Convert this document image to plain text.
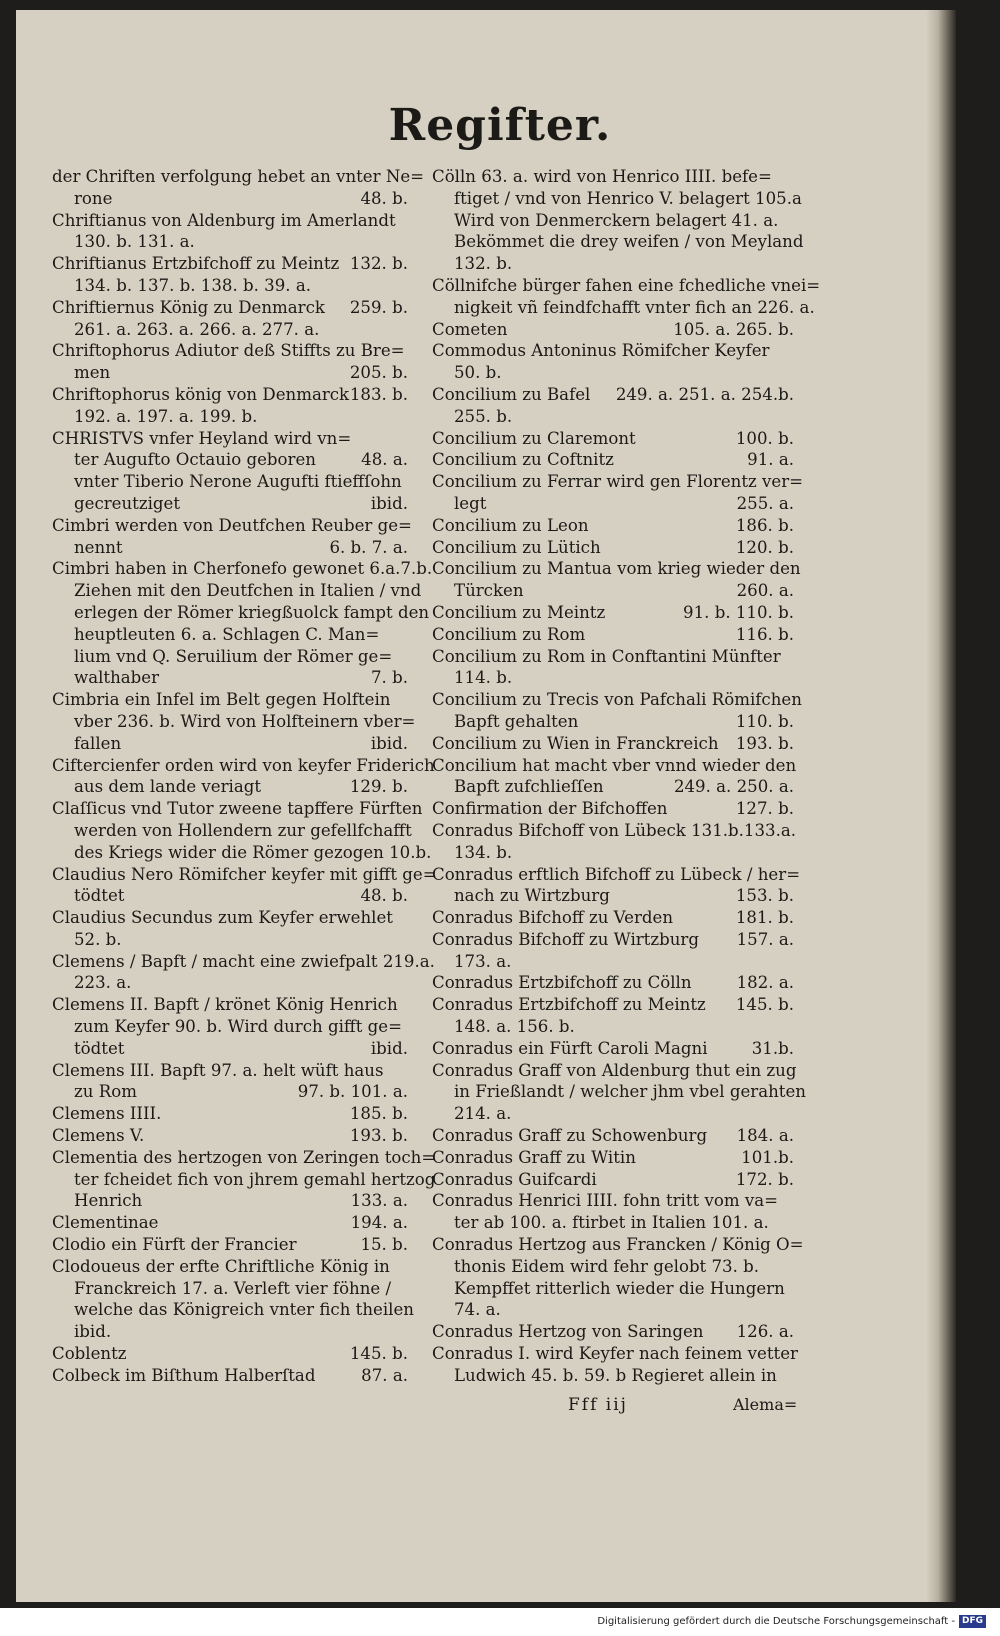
Regifter.
der Chriften verfolgung hebet an vnter Ne=
rone	48. b.
Chriftianus von Aldenburg im Amerlandt
130. b. 131. a.
Chriftianus Ertzbifchoff zu Meintz 132. b.
134. b. 137. b. 138. b. 39. a.
Chriftiernus König zu Denmarck 259. b.
261. a. 263. a. 266. a. 277. a.
Chriftophorus Adiutor deß Stiffts zu Bre=
men	205. b.
Chriftophorus könig von Denmarck 183. b.
192. a. 197. a. 199. b.
CHRISTVS vnfer Heyland wird vn=
ter Augufto Octauio geboren	48. a.
vnter Tiberio Nerone Augufti ftieffſohn
gecreutziget	ibid.
Cimbri werden von Deutfchen Reuber ge=
nennt	6. b. 7. a.
Cimbri haben in Cherfonefo gewonet 6.a.7.b.
Ziehen mit den Deutfchen in Italien / vnd
erlegen der Römer kriegßuolck fampt den
heuptleuten 6. a. Schlagen C. Man=
lium vnd Q. Seruilium der Römer ge=
walthaber	7. b.
Cimbria ein Infel im Belt gegen Holftein
vber 236. b. Wird von Holfteinern vber=
fallen	ibid.
Ciftercienfer orden wird von keyfer Friderich
aus dem lande veriagt	129. b.
Claſſicus vnd Tutor zweene tapffere Fürften
werden von Hollendern zur gefellfchafft
des Kriegs wider die Römer gezogen 10.b.
Claudius Nero Römifcher keyfer mit gifft ge=
tödtet	48. b.
Claudius Secundus zum Keyfer erwehlet
52. b.
Clemens / Bapft / macht eine zwiefpalt 219.a.
223. a.
Clemens II. Bapft / krönet König Henrich
zum Keyfer 90. b. Wird durch gifft ge=
tödtet	ibid.
Clemens III. Bapft 97. a. helt wüft haus
zu Rom	97. b. 101. a.
Clemens IIII.	185. b.
Clemens V.	193. b.
Clementia des hertzogen von Zeringen toch=
ter fcheidet fich von jhrem gemahl hertzog
Henrich	133. a.
Clementinae	194. a.
Clodio ein Fürft der Francier	15. b.
Clodoueus der erfte Chriftliche König in
Franckreich 17. a. Verleft vier föhne /
welche das Königreich vnter fich theilen
ibid.
Coblentz	145. b.
Colbeck im Biſthum Halberſtad	87. a.
Cölln 63. a. wird von Henrico IIII. befe=
ftiget / vnd von Henrico V. belagert 105.a
Wird von Denmerckern belagert 41. a.
Bekömmet die drey weifen / von Meyland
132. b.
Cöllnifche bürger fahen eine fchedliche vnei=
nigkeit vñ feindfchafft vnter fich an 226. a.
Cometen	105. a. 265. b.
Commodus Antoninus Römifcher Keyfer
50. b.
Concilium zu Bafel 249. a. 251. a. 254.b.
255. b.
Concilium zu Claremont	100. b.
Concilium zu Coftnitz	91. a.
Concilium zu Ferrar wird gen Florentz ver=
legt	255. a.
Concilium zu Leon	186. b.
Concilium zu Lütich	120. b.
Concilium zu Mantua vom krieg wieder den
Türcken	260. a.
Concilium zu Meintz	91. b. 110. b.
Concilium zu Rom	116. b.
Concilium zu Rom in Conftantini Münfter
114. b.
Concilium zu Trecis von Pafchali Römifchen
Bapft gehalten	110. b.
Concilium zu Wien in Franckreich 193. b.
Concilium hat macht vber vnnd wieder den
Bapft zufchlieſſen	249. a. 250. a.
Confirmation der Bifchoffen	127. b.
Conradus Bifchoff von Lübeck 131.b.133.a.
134. b.
Conradus erftlich Bifchoff zu Lübeck / her=
nach zu Wirtzburg	153. b.
Conradus Bifchoff zu Verden	181. b.
Conradus Bifchoff zu Wirtzburg 157. a.
173. a.
Conradus Ertzbifchoff zu Cölln	182. a.
Conradus Ertzbifchoff zu Meintz 145. b.
148. a. 156. b.
Conradus ein Fürft Caroli Magni	31.b.
Conradus Graff von Aldenburg thut ein zug
in Frießlandt / welcher jhm vbel gerahten
214. a.
Conradus Graff zu Schowenburg 184. a.
Conradus Graff zu Witin	101.b.
Conradus Guifcardi	172. b.
Conradus Henrici IIII. fohn tritt vom va=
ter ab 100. a. ftirbet in Italien 101. a.
Conradus Hertzog aus Francken / König O=
thonis Eidem wird fehr gelobt 73. b.
Kempffet ritterlich wieder die Hungern
74. a.
Conradus Hertzog von Saringen 126. a.
Conradus I. wird Keyfer nach feinem vetter
Ludwich 45. b. 59. b Regieret allein in
Fff iij	Alema=
Digitalisierung gefördert durch die Deutsche Forschungsgemeinschaft - DFG
